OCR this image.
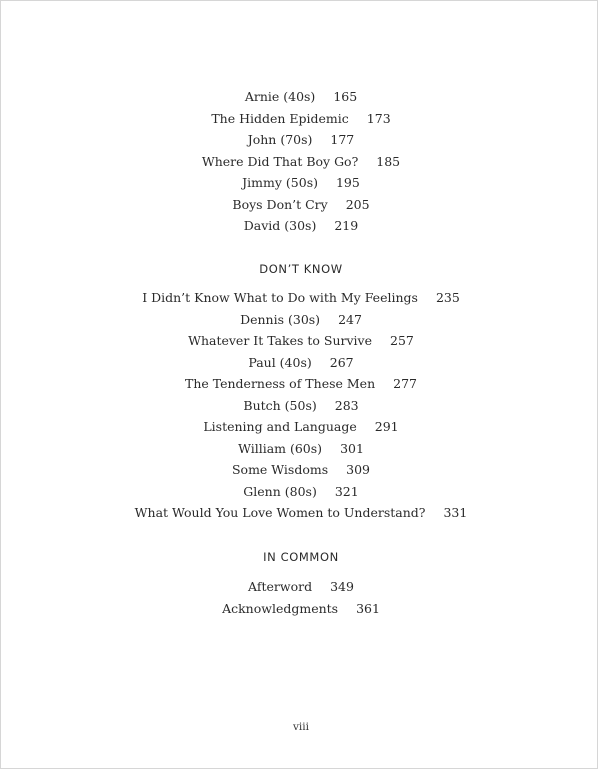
Arnie (40s) 165
The Hidden Epidemic 173
John (70s) 177
Where Did That Boy Go? 185
Jimmy (50s) 195
Boys Don’t Cry 205
David (30s) 219
DON’T KNOW
I Didn’t Know What to Do with My Feelings 235
Dennis (30s) 247
Whatever It Takes to Survive 257
Paul (40s) 267
The Tenderness of These Men 277
Butch (50s) 283
Listening and Language 291
William (60s) 301
Some Wisdoms 309
Glenn (80s) 321
What Would You Love Women to Understand? 331
IN COMMON
Afterword 349
Acknowledgments 361
viii
